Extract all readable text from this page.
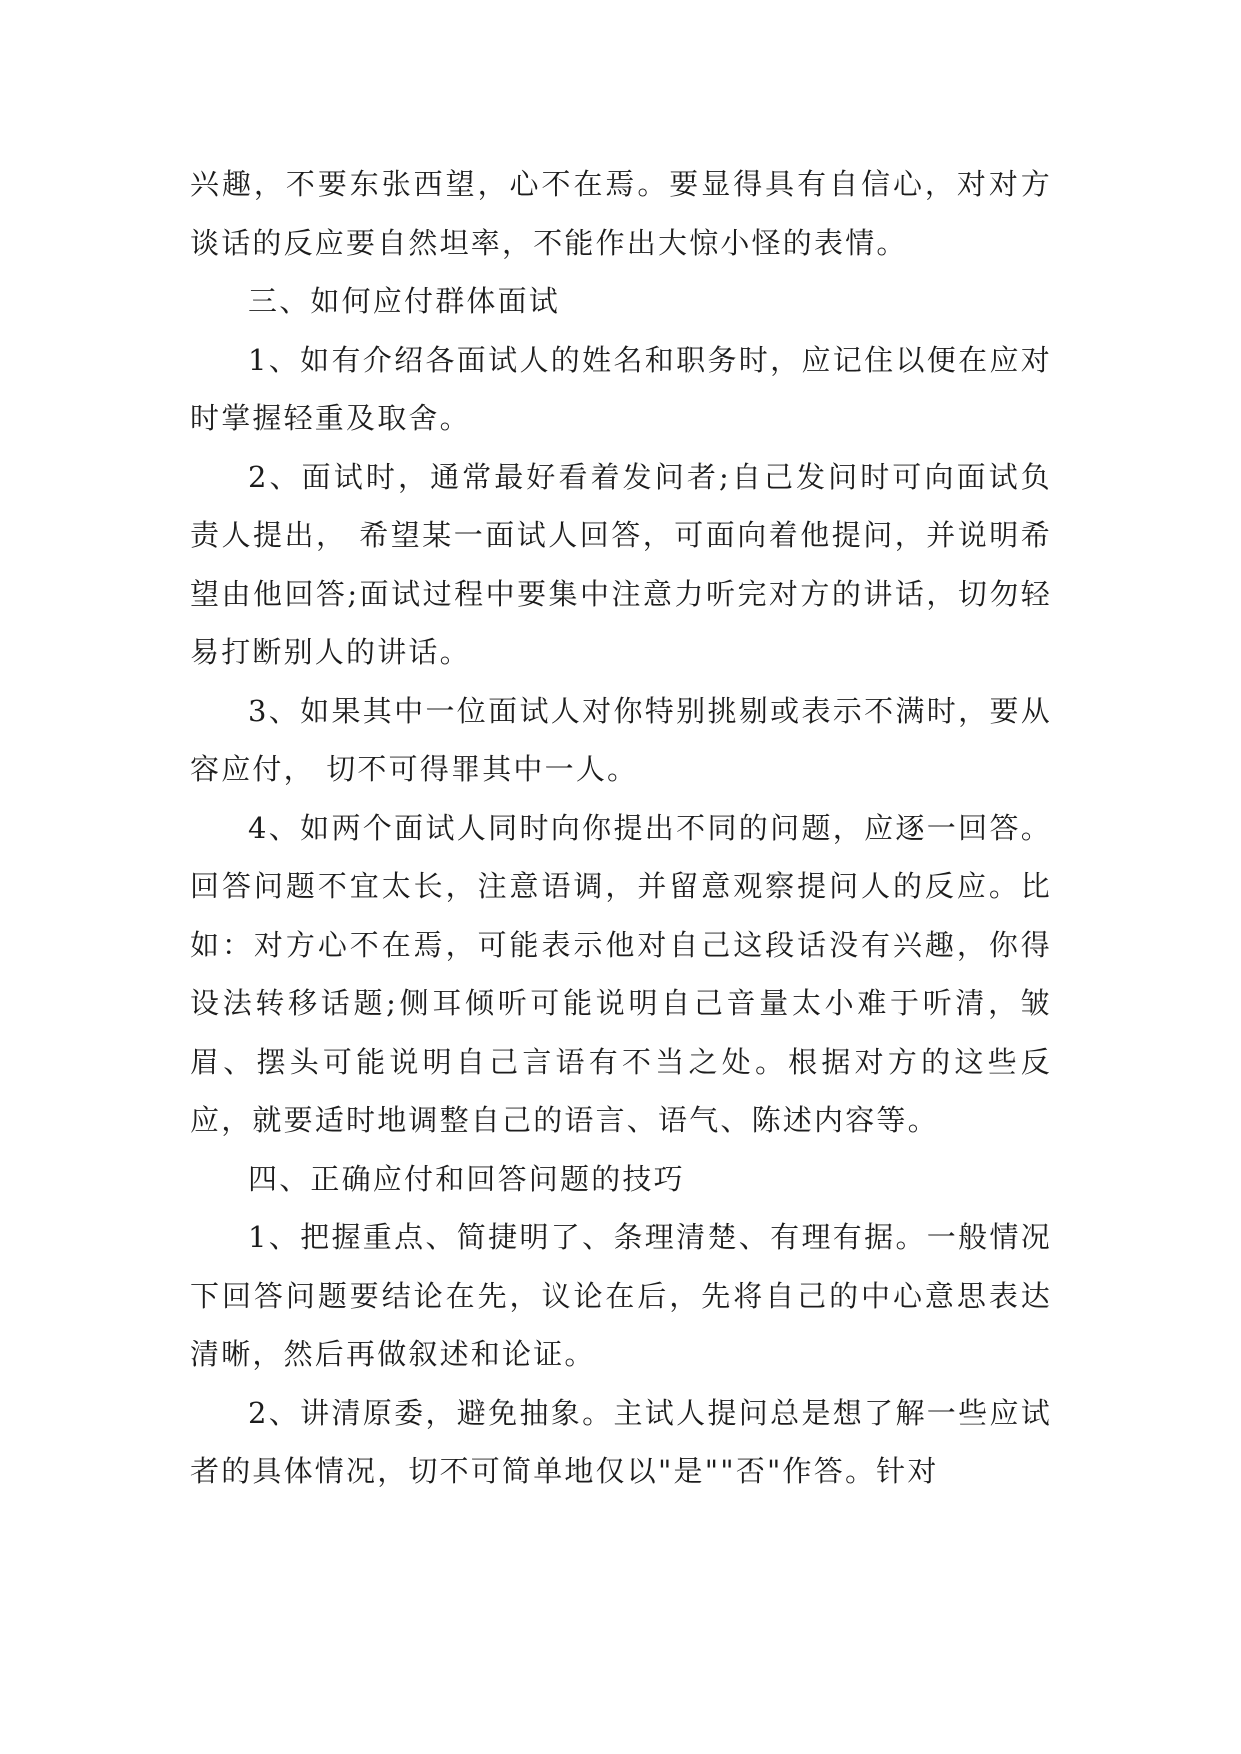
兴趣，不要东张西望，心不在焉。要显得具有自信心，对对方谈话的反应要自然坦率，不能作出大惊小怪的表情。

三、如何应付群体面试

1、如有介绍各面试人的姓名和职务时，应记住以便在应对时掌握轻重及取舍。

2、面试时，通常最好看着发问者;自己发问时可向面试负责人提出， 希望某一面试人回答，可面向着他提问，并说明希望由他回答;面试过程中要集中注意力听完对方的讲话，切勿轻易打断别人的讲话。

3、如果其中一位面试人对你特别挑剔或表示不满时，要从容应付， 切不可得罪其中一人。

4、如两个面试人同时向你提出不同的问题，应逐一回答。回答问题不宜太长，注意语调，并留意观察提问人的反应。比如：对方心不在焉，可能表示他对自己这段话没有兴趣，你得设法转移话题;侧耳倾听可能说明自己音量太小难于听清，皱眉、摆头可能说明自己言语有不当之处。根据对方的这些反应，就要适时地调整自己的语言、语气、陈述内容等。

四、正确应付和回答问题的技巧

1、把握重点、简捷明了、条理清楚、有理有据。一般情况下回答问题要结论在先，议论在后，先将自己的中心意思表达清晰，然后再做叙述和论证。

2、讲清原委，避免抽象。主试人提问总是想了解一些应试者的具体情况，切不可简单地仅以"是""否"作答。针对
